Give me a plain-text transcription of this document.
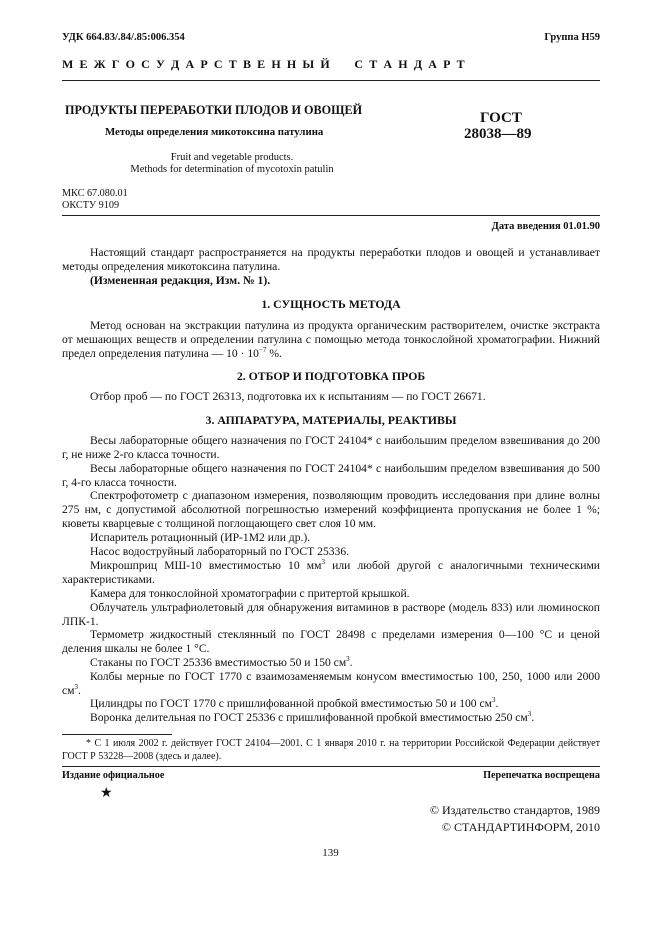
УДК 664.83/.84/.85:006.354	Группа Н59
М Е Ж Г О С У Д А Р С Т В Е Н Н Ы Й     С Т А Н Д А Р Т
ПРОДУКТЫ ПЕРЕРАБОТКИ ПЛОДОВ И ОВОЩЕЙ
Методы определения микотоксина патулина
ГОСТ
28038—89
Fruit and vegetable products.
Methods for determination of mycotoxin patulin
МКС 67.080.01
ОКСТУ 9109
Дата введения 01.01.90

Настоящий стандарт распространяется на продукты переработки плодов и овощей и устанавливает методы определения микотоксина патулина.

(Измененная редакция, Изм. № 1).

1. СУЩНОСТЬ МЕТОДА

Метод основан на экстракции патулина из продукта органическим растворителем, очистке экстракта от мешающих веществ и определении патулина с помощью метода тонкослойной хроматографии. Нижний предел определения патулина — $10 \cdot 10^{-7}$ %.

2. ОТБОР И ПОДГОТОВКА ПРОБ

Отбор проб — по ГОСТ 26313, подготовка их к испытаниям — по ГОСТ 26671.

3. АППАРАТУРА, МАТЕРИАЛЫ, РЕАКТИВЫ

Весы лабораторные общего назначения по ГОСТ 24104* с наибольшим пределом взвешивания до 200 г, не ниже 2-го класса точности.

Весы лабораторные общего назначения по ГОСТ 24104* с наибольшим пределом взвешивания до 500 г, 4-го класса точности.

Спектрофотометр с диапазоном измерения, позволяющим проводить исследования при длине волны 275 нм, с допустимой абсолютной погрешностью измерений коэффициента пропускания не более 1 %; кюветы кварцевые с толщиной поглощающего свет слоя 10 мм.

Испаритель ротационный (ИР-1М2 или др.).

Насос водоструйный лабораторный по ГОСТ 25336.

Микрошприц МШ-10 вместимостью 10 $мм^3$ или любой другой с аналогичными техническими характеристиками.

Камера для тонкослойной хроматографии с притертой крышкой.

Облучатель ультрафиолетовый для обнаружения витаминов в растворе (модель 833) или люминоскоп ЛПК-1.

Термометр жидкостный стеклянный по ГОСТ 28498 с пределами измерения 0—100 °С и ценой деления шкалы не более 1 °С.

Стаканы по ГОСТ 25336 вместимостью 50 и 150 $см^3$.

Колбы мерные по ГОСТ 1770 с взаимозаменяемым конусом вместимостью 100, 250, 1000 или 2000 $см^3$.

Цилиндры по ГОСТ 1770 с пришлифованной пробкой вместимостью 50 и 100 $см^3$.

Воронка делительная по ГОСТ 25336 с пришлифованной пробкой вместимостью 250 $см^3$.

* С 1 июля 2002 г. действует ГОСТ 24104—2001. С 1 января 2010 г. на территории Российской Федерации действует ГОСТ Р 53228—2008 (здесь и далее).

Издание официальное	Перепечатка воспрещена
★
© Издательство стандартов, 1989
© СТАНДАРТИНФОРМ, 2010
139
